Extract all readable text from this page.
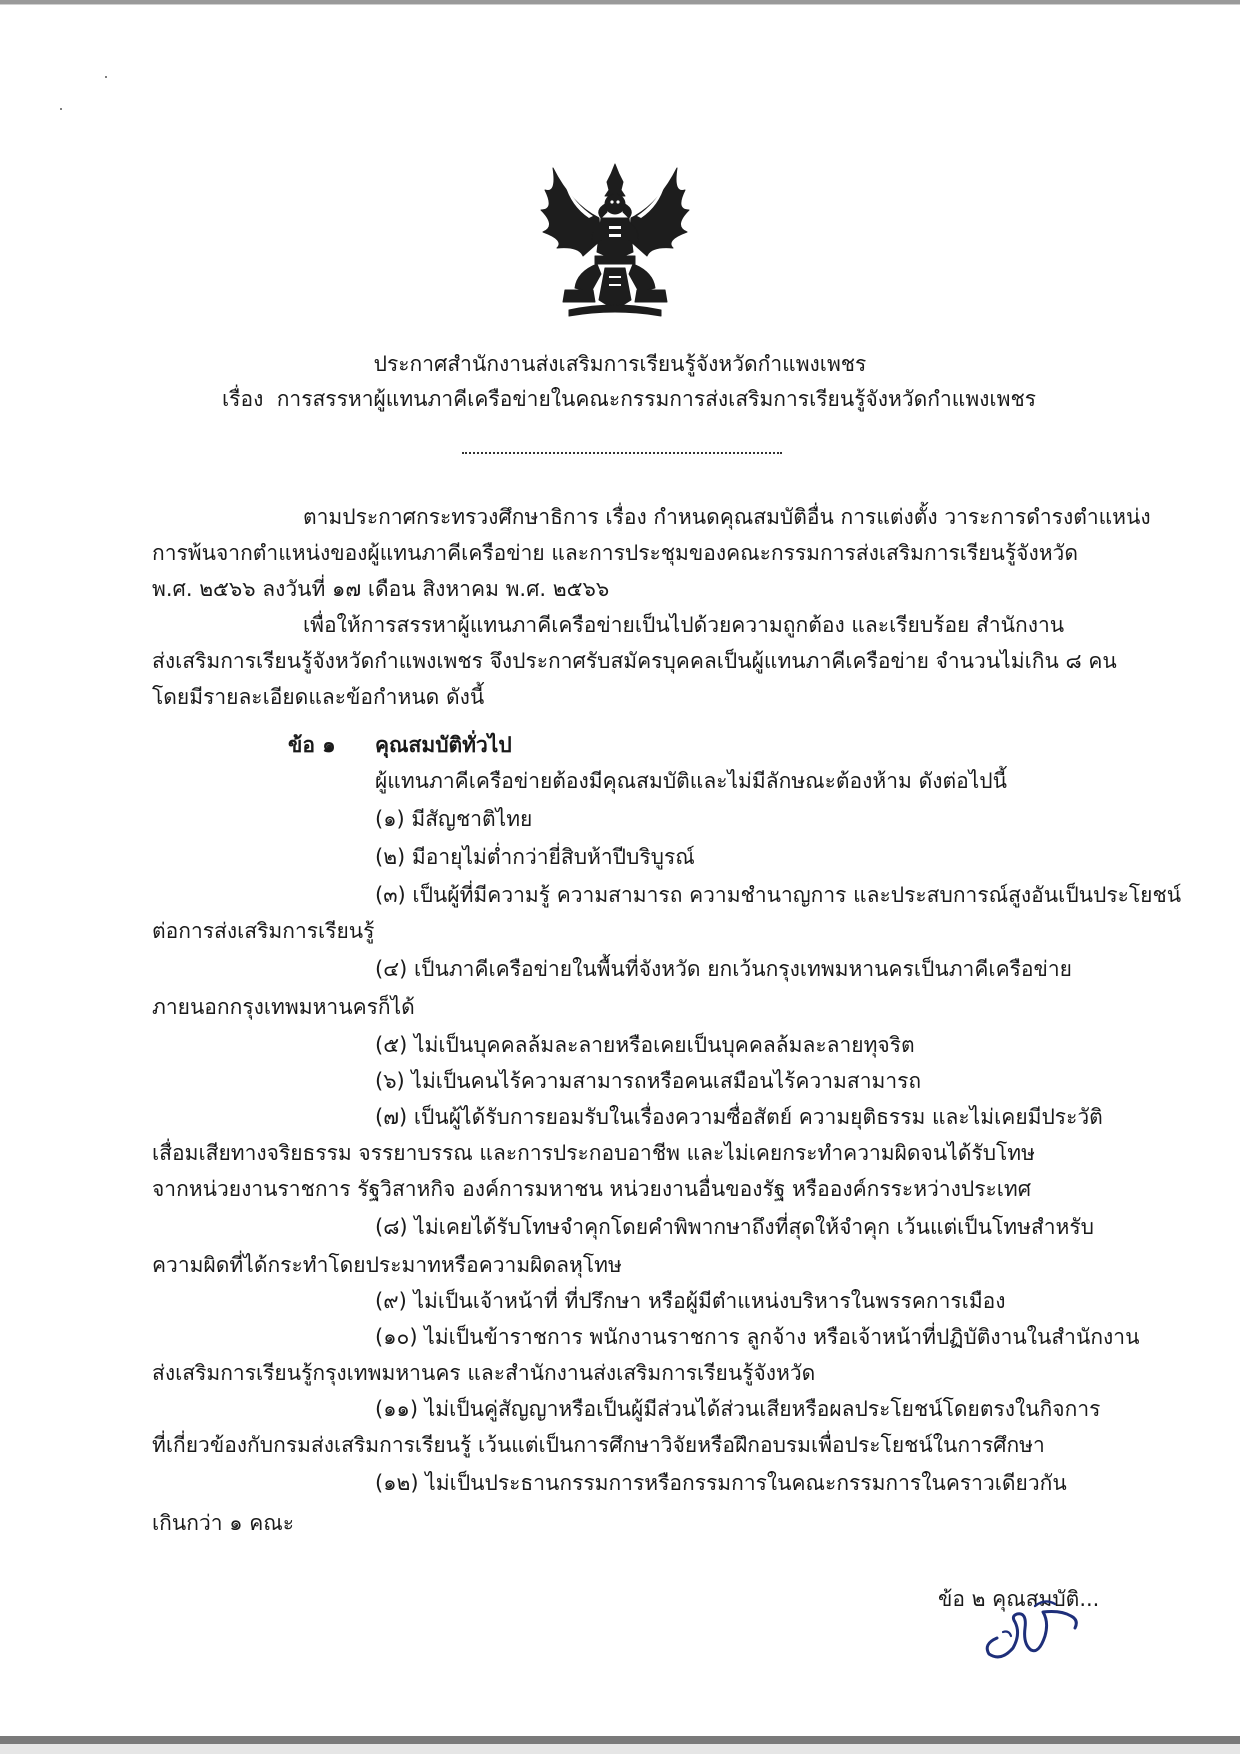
ประกาศสำนักงานส่งเสริมการเรียนรู้จังหวัดกำแพงเพชร
เรื่อง การสรรหาผู้แทนภาคีเครือข่ายในคณะกรรมการส่งเสริมการเรียนรู้จังหวัดกำแพงเพชร
ตามประกาศกระทรวงศึกษาธิการ เรื่อง กำหนดคุณสมบัติอื่น การแต่งตั้ง วาระการดำรงตำแหน่ง
การพ้นจากตำแหน่งของผู้แทนภาคีเครือข่าย และการประชุมของคณะกรรมการส่งเสริมการเรียนรู้จังหวัด
พ.ศ. ๒๕๖๖ ลงวันที่ ๑๗ เดือน สิงหาคม พ.ศ. ๒๕๖๖
เพื่อให้การสรรหาผู้แทนภาคีเครือข่ายเป็นไปด้วยความถูกต้อง และเรียบร้อย สำนักงาน
ส่งเสริมการเรียนรู้จังหวัดกำแพงเพชร จึงประกาศรับสมัครบุคคลเป็นผู้แทนภาคีเครือข่าย จำนวนไม่เกิน ๘ คน
โดยมีรายละเอียดและข้อกำหนด ดังนี้
ข้อ ๑ คุณสมบัติทั่วไป
ผู้แทนภาคีเครือข่ายต้องมีคุณสมบัติและไม่มีลักษณะต้องห้าม ดังต่อไปนี้
(๑) มีสัญชาติไทย
(๒) มีอายุไม่ต่ำกว่ายี่สิบห้าปีบริบูรณ์
(๓) เป็นผู้ที่มีความรู้ ความสามารถ ความชำนาญการ และประสบการณ์สูงอันเป็นประโยชน์
ต่อการส่งเสริมการเรียนรู้
(๔) เป็นภาคีเครือข่ายในพื้นที่จังหวัด ยกเว้นกรุงเทพมหานครเป็นภาคีเครือข่าย
ภายนอกกรุงเทพมหานครก็ได้
(๕) ไม่เป็นบุคคลล้มละลายหรือเคยเป็นบุคคลล้มละลายทุจริต
(๖) ไม่เป็นคนไร้ความสามารถหรือคนเสมือนไร้ความสามารถ
(๗) เป็นผู้ได้รับการยอมรับในเรื่องความซื่อสัตย์ ความยุติธรรม และไม่เคยมีประวัติ
เสื่อมเสียทางจริยธรรม จรรยาบรรณ และการประกอบอาชีพ และไม่เคยกระทำความผิดจนได้รับโทษ
จากหน่วยงานราชการ รัฐวิสาหกิจ องค์การมหาชน หน่วยงานอื่นของรัฐ หรือองค์กรระหว่างประเทศ
(๘) ไม่เคยได้รับโทษจำคุกโดยคำพิพากษาถึงที่สุดให้จำคุก เว้นแต่เป็นโทษสำหรับ
ความผิดที่ได้กระทำโดยประมาทหรือความผิดลหุโทษ
(๙) ไม่เป็นเจ้าหน้าที่ ที่ปรึกษา หรือผู้มีตำแหน่งบริหารในพรรคการเมือง
(๑๐) ไม่เป็นข้าราชการ พนักงานราชการ ลูกจ้าง หรือเจ้าหน้าที่ปฏิบัติงานในสำนักงาน
ส่งเสริมการเรียนรู้กรุงเทพมหานคร และสำนักงานส่งเสริมการเรียนรู้จังหวัด
(๑๑) ไม่เป็นคู่สัญญาหรือเป็นผู้มีส่วนได้ส่วนเสียหรือผลประโยชน์โดยตรงในกิจการ
ที่เกี่ยวข้องกับกรมส่งเสริมการเรียนรู้ เว้นแต่เป็นการศึกษาวิจัยหรือฝึกอบรมเพื่อประโยชน์ในการศึกษา
(๑๒) ไม่เป็นประธานกรรมการหรือกรรมการในคณะกรรมการในคราวเดียวกัน
เกินกว่า ๑ คณะ
ข้อ ๒ คุณสมบัติ...
